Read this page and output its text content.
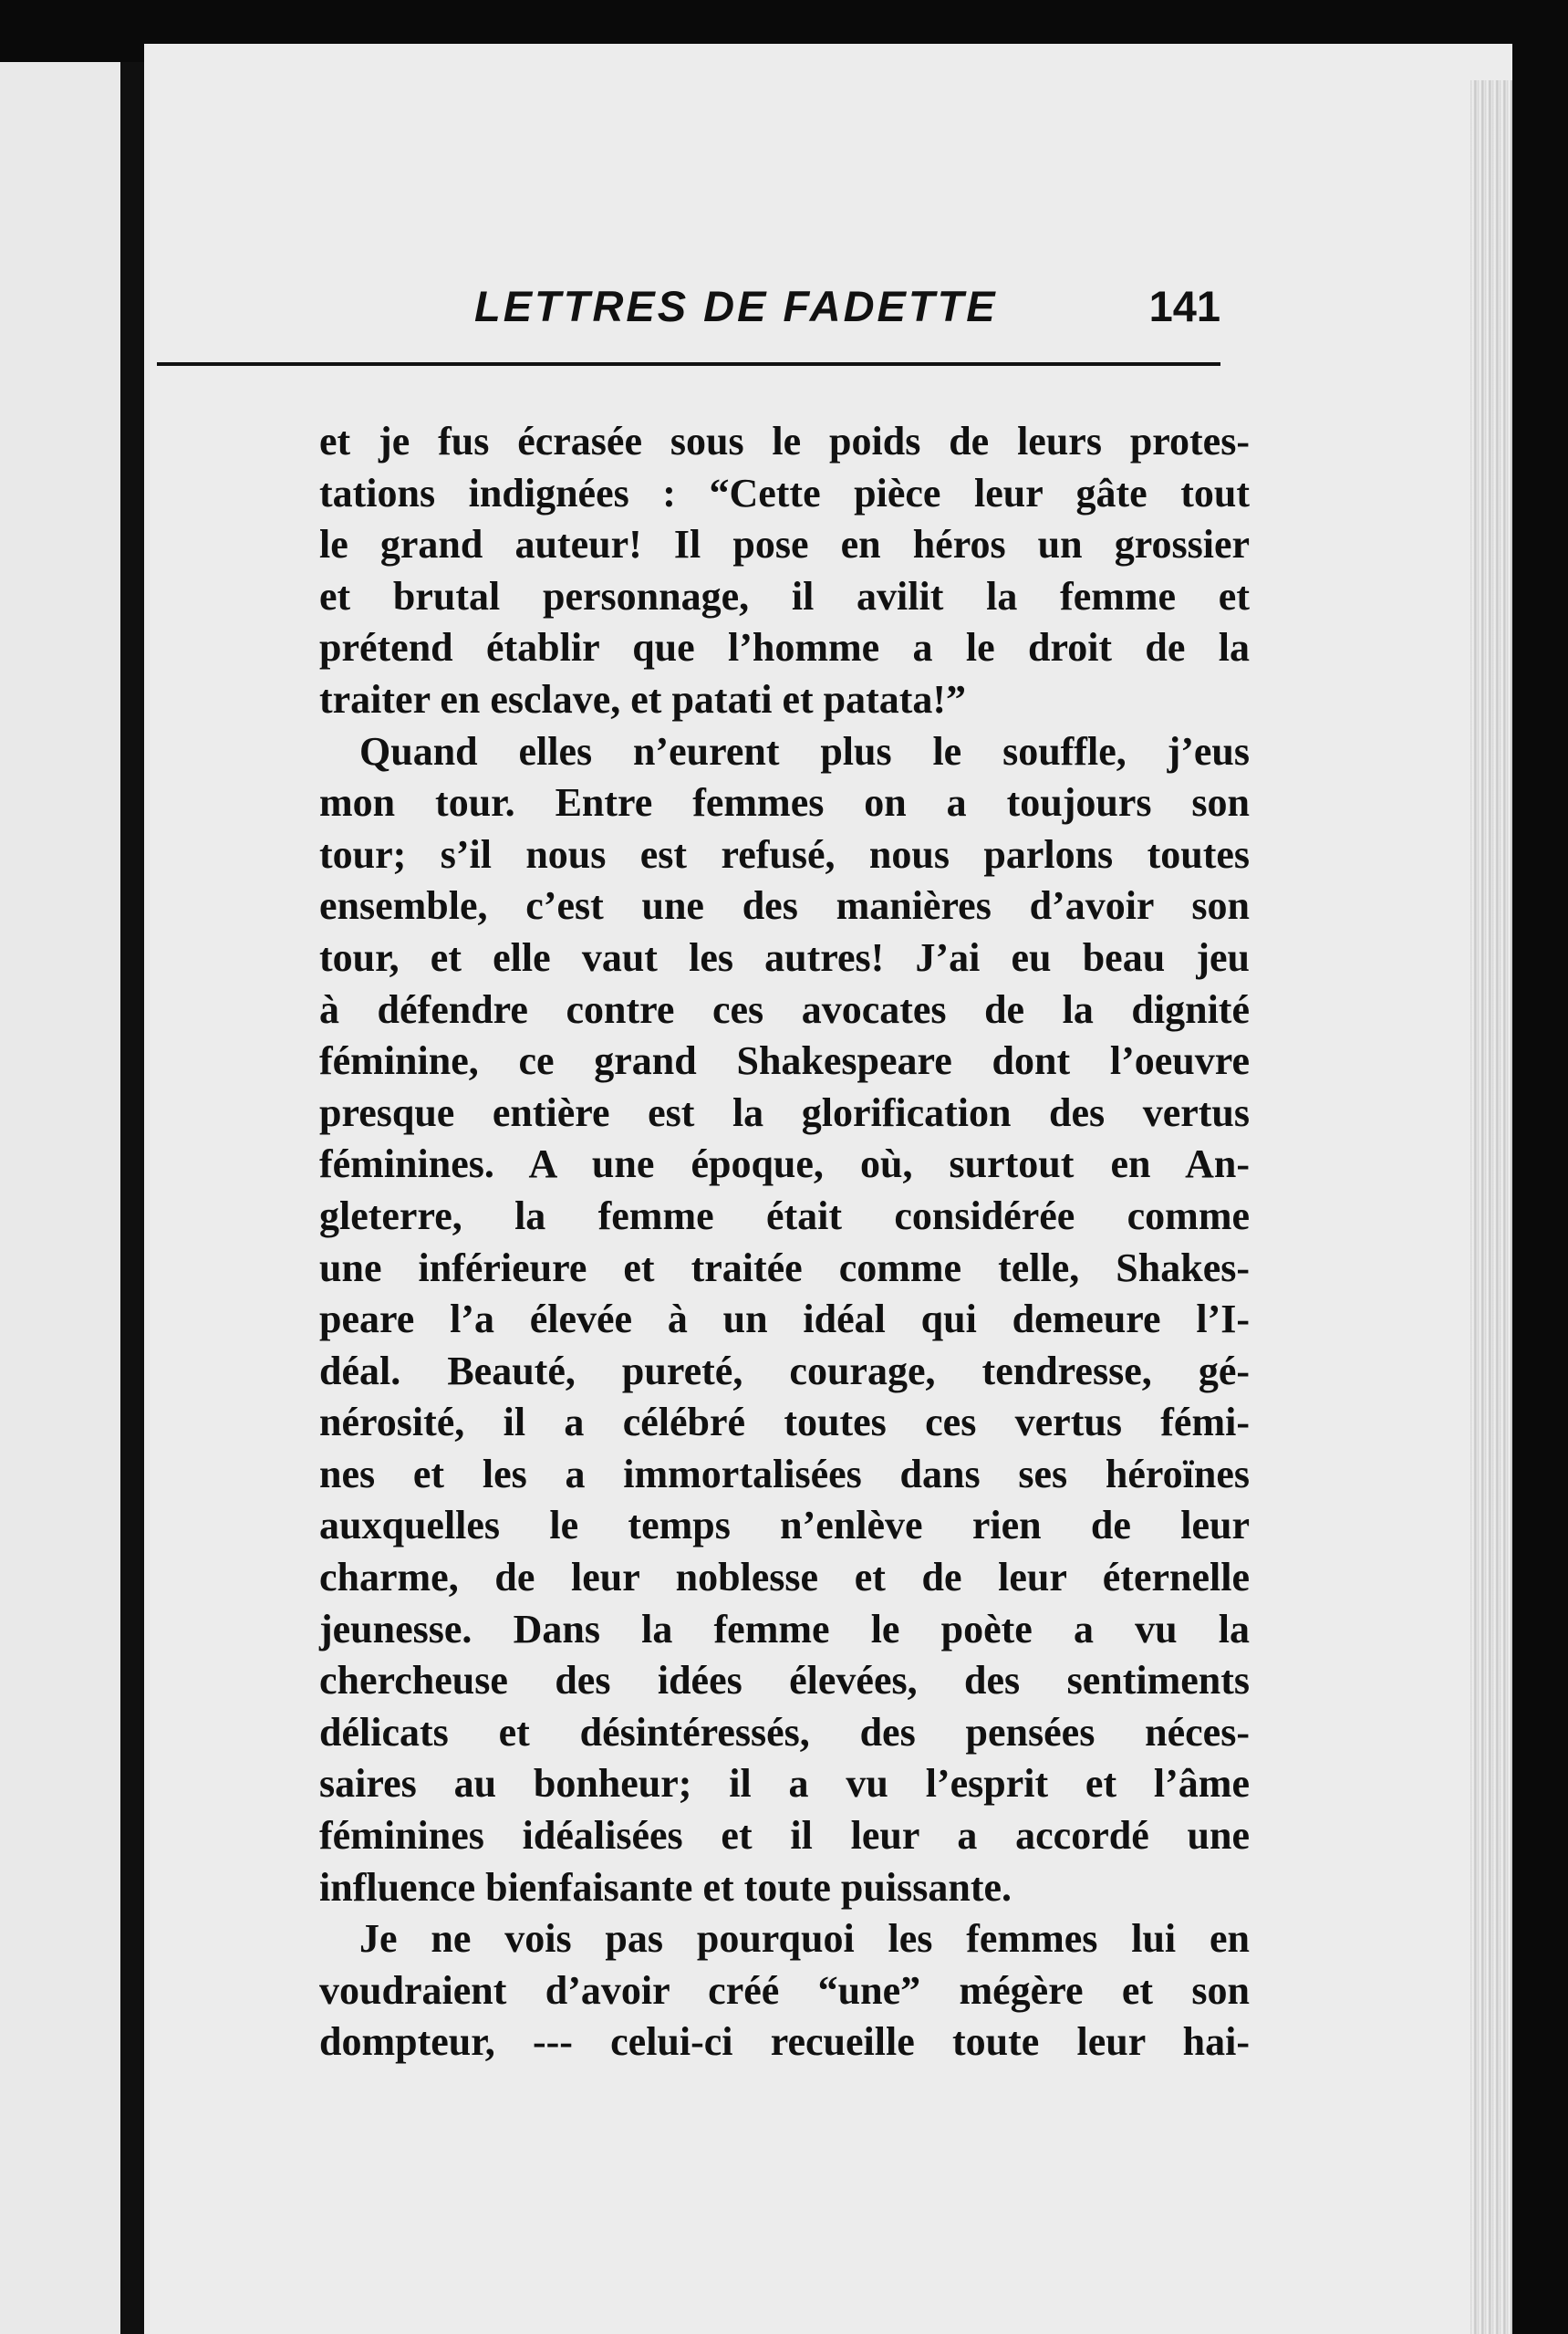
LETTRES DE FADETTE	141
et je fus écrasée sous le poids de leurs protes-
tations indignées : “Cette pièce leur gâte tout
le grand auteur! Il pose en héros un grossier
et brutal personnage, il avilit la femme et
prétend établir que l’homme a le droit de la
traiter en esclave, et patati et patata!”
Quand elles n’eurent plus le souffle, j’eus
mon tour. Entre femmes on a toujours son
tour; s’il nous est refusé, nous parlons toutes
ensemble, c’est une des manières d’avoir son
tour, et elle vaut les autres! J’ai eu beau jeu
à défendre contre ces avocates de la dignité
féminine, ce grand Shakespeare dont l’oeuvre
presque entière est la glorification des vertus
féminines. A une époque, où, surtout en An-
gleterre, la femme était considérée comme
une inférieure et traitée comme telle, Shakes-
peare l’a élevée à un idéal qui demeure l’I-
déal. Beauté, pureté, courage, tendresse, gé-
nérosité, il a célébré toutes ces vertus fémi-
nes et les a immortalisées dans ses héroïnes
auxquelles le temps n’enlève rien de leur
charme, de leur noblesse et de leur éternelle
jeunesse. Dans la femme le poète a vu la
chercheuse des idées élevées, des sentiments
délicats et désintéressés, des pensées néces-
saires au bonheur; il a vu l’esprit et l’âme
féminines idéalisées et il leur a accordé une
influence bienfaisante et toute puissante.
Je ne vois pas pourquoi les femmes lui en
voudraient d’avoir créé “une” mégère et son
dompteur, --- celui-ci recueille toute leur hai-
